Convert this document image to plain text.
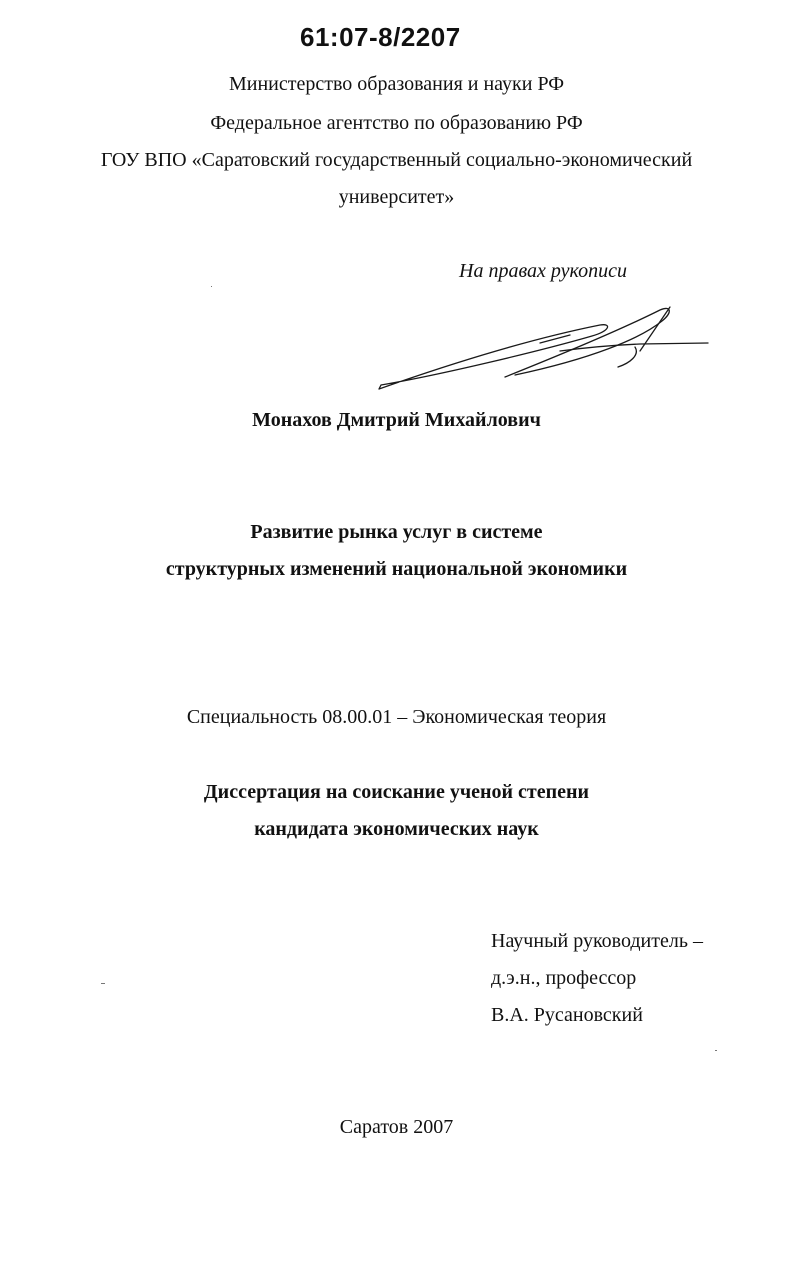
61:07-8/2207
Министерство образования и науки РФ
Федеральное агентство по образованию РФ
ГОУ ВПО «Саратовский государственный социально-экономический
университет»
На правах рукописи
Монахов Дмитрий Михайлович
Развитие рынка услуг в системе
структурных изменений национальной экономики
Специальность 08.00.01 – Экономическая теория
Диссертация на соискание ученой степени
кандидата экономических наук
Научный руководитель –
д.э.н., профессор
В.А. Русановский
Саратов 2007
